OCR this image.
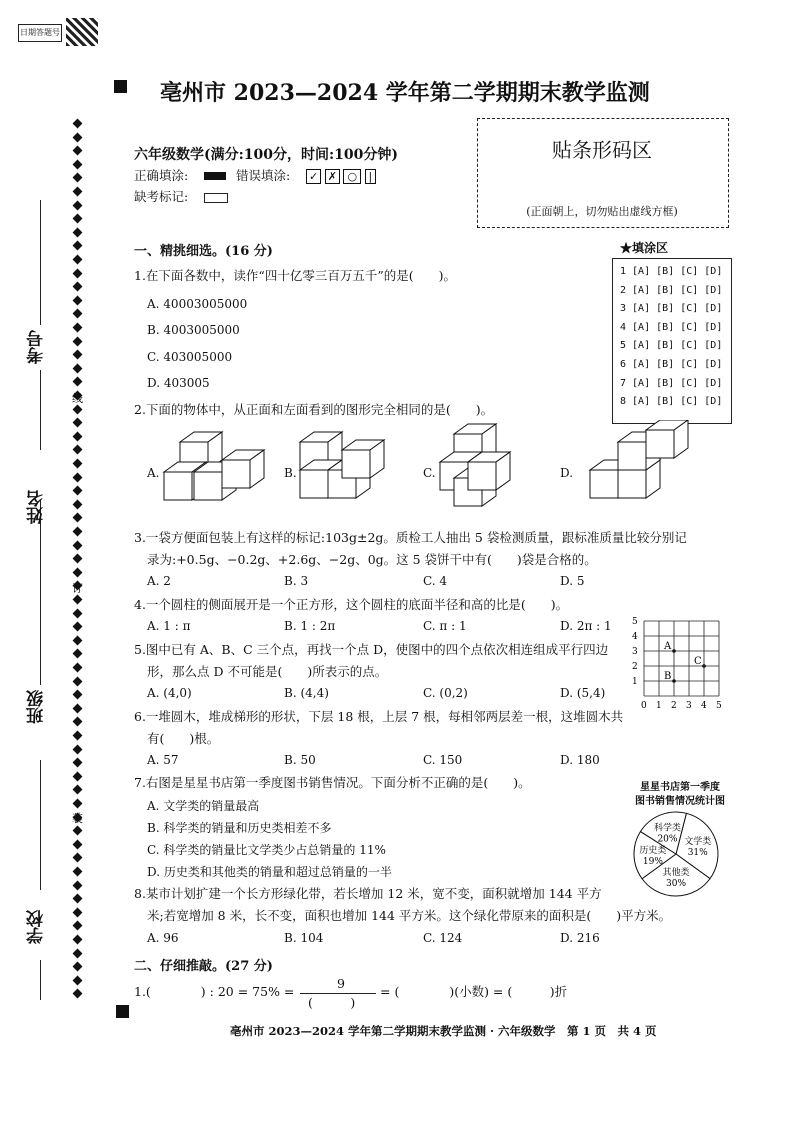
日期答题号
亳州市 2023—2024 学年第二学期期末教学监测
线
订
装
考号
姓名
班级
学校
六年级数学(满分:100分，时间:100分钟)
正确填涂:	错误填涂: ✓ ✗ ○ |
缺考标记:
贴条形码区
(正面朝上，切勿贴出虚线方框)
★填涂区
1 [A] [B] [C] [D]
2 [A] [B] [C] [D]
3 [A] [B] [C] [D]
4 [A] [B] [C] [D]
5 [A] [B] [C] [D]
6 [A] [B] [C] [D]
7 [A] [B] [C] [D]
8 [A] [B] [C] [D]
一、精挑细选。(16 分)
1.在下面各数中，读作“四十亿零三百万五千”的是(　　)。
A. 40003005000
B. 4003005000
C. 403005000
D. 403005
2.下面的物体中，从正面和左面看到的图形完全相同的是(　　)。
A.	B.	C.	D.
3.一袋方便面包装上有这样的标记:103g±2g。质检工人抽出 5 袋检测质量，跟标准质量比较分别记
录为:+0.5g、−0.2g、+2.6g、−2g、0g。这 5 袋饼干中有(　　)袋是合格的。
A. 2	B. 3	C. 4	D. 5
4.一个圆柱的侧面展开是一个正方形，这个圆柱的底面半径和高的比是(　　)。
A. 1 : π	B. 1 : 2π	C. π : 1	D. 2π : 1
5.图中已有 A、B、C 三个点，再找一个点 D，使图中的四个点依次相连组成平行四边
形，那么点 D 不可能是(　　)所表示的点。
A. (4,0)	B. (4,4)	C. (0,2)	D. (5,4)
1
2
3
4
5
0 1 2 3 4 5
A
B
C
6.一堆圆木，堆成梯形的形状，下层 18 根，上层 7 根，每相邻两层差一根，这堆圆木共
有(　　)根。
A. 57	B. 50	C. 150	D. 180
7.右图是星星书店第一季度图书销售情况。下面分析不正确的是(　　)。
A. 文学类的销量最高
B. 科学类的销量和历史类相差不多
C. 科学类的销量比文学类少占总销量的 11%
D. 历史类和其他类的销量和超过总销量的一半
星星书店第一季度
图书销售情况统计图
文学类
31%
其他类
30%
历史类
19%
科学类
20%
8.某市计划扩建一个长方形绿化带，若长增加 12 米，宽不变，面积就增加 144 平方
米;若宽增加 8 米，长不变，面积也增加 144 平方米。这个绿化带原来的面积是(　　)平方米。
A. 96	B. 104	C. 124	D. 216
二、仔细推敲。(27 分)
1.(　　　　) : 20 = 75% =
9
(　　　)
= (　　　　)(小数) = (　　　)折
亳州市 2023—2024 学年第二学期期末教学监测 · 六年级数学　第 1 页　共 4 页
